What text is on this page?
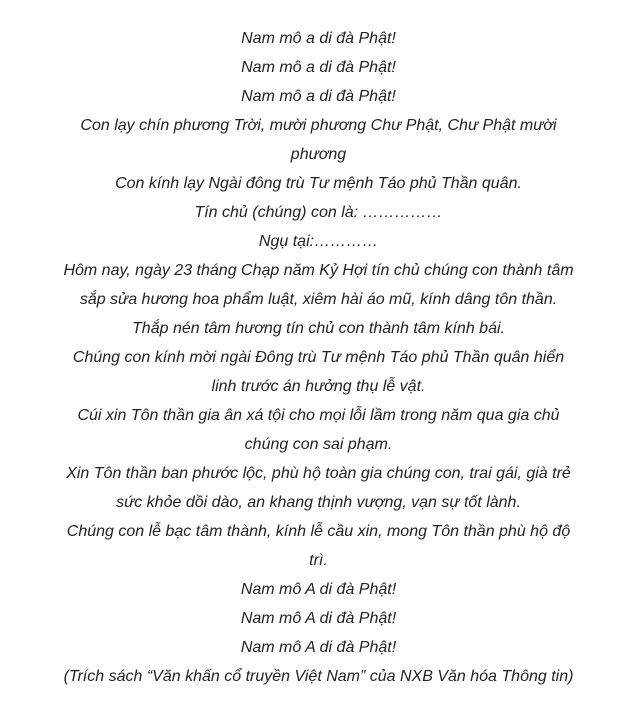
Nam mô a di đà Phật!
Nam mô a di đà Phật!
Nam mô a di đà Phật!
Con lạy chín phương Trời, mười phương Chư Phật, Chư Phật mười
phương
Con kính lạy Ngài đông trù Tư mệnh Táo phủ Thần quân.
Tín chủ (chúng) con là: ……………
Ngụ tại:…………
Hôm nay, ngày 23 tháng Chạp năm Kỷ Hợi tín chủ chúng con thành tâm
sắp sửa hương hoa phẩm luật, xiêm hài áo mũ, kính dâng tôn thần.
Thắp nén tâm hương tín chủ con thành tâm kính bái.
Chúng con kính mời ngài Đông trù Tư mệnh Táo phủ Thần quân hiển
linh trước án hưởng thụ lễ vật.
Cúi xin Tôn thần gia ân xá tội cho mọi lỗi lầm trong năm qua gia chủ
chúng con sai phạm.
Xin Tôn thần ban phước lộc, phù hộ toàn gia chúng con, trai gái, già trẻ
sức khỏe dồi dào, an khang thịnh vượng, vạn sự tốt lành.
Chúng con lễ bạc tâm thành, kính lễ cầu xin, mong Tôn thần phù hộ độ
trì.
Nam mô A di đà Phật!
Nam mô A di đà Phật!
Nam mô A di đà Phật!
(Trích sách “Văn khấn cổ truyền Việt Nam” của NXB Văn hóa Thông tin)
